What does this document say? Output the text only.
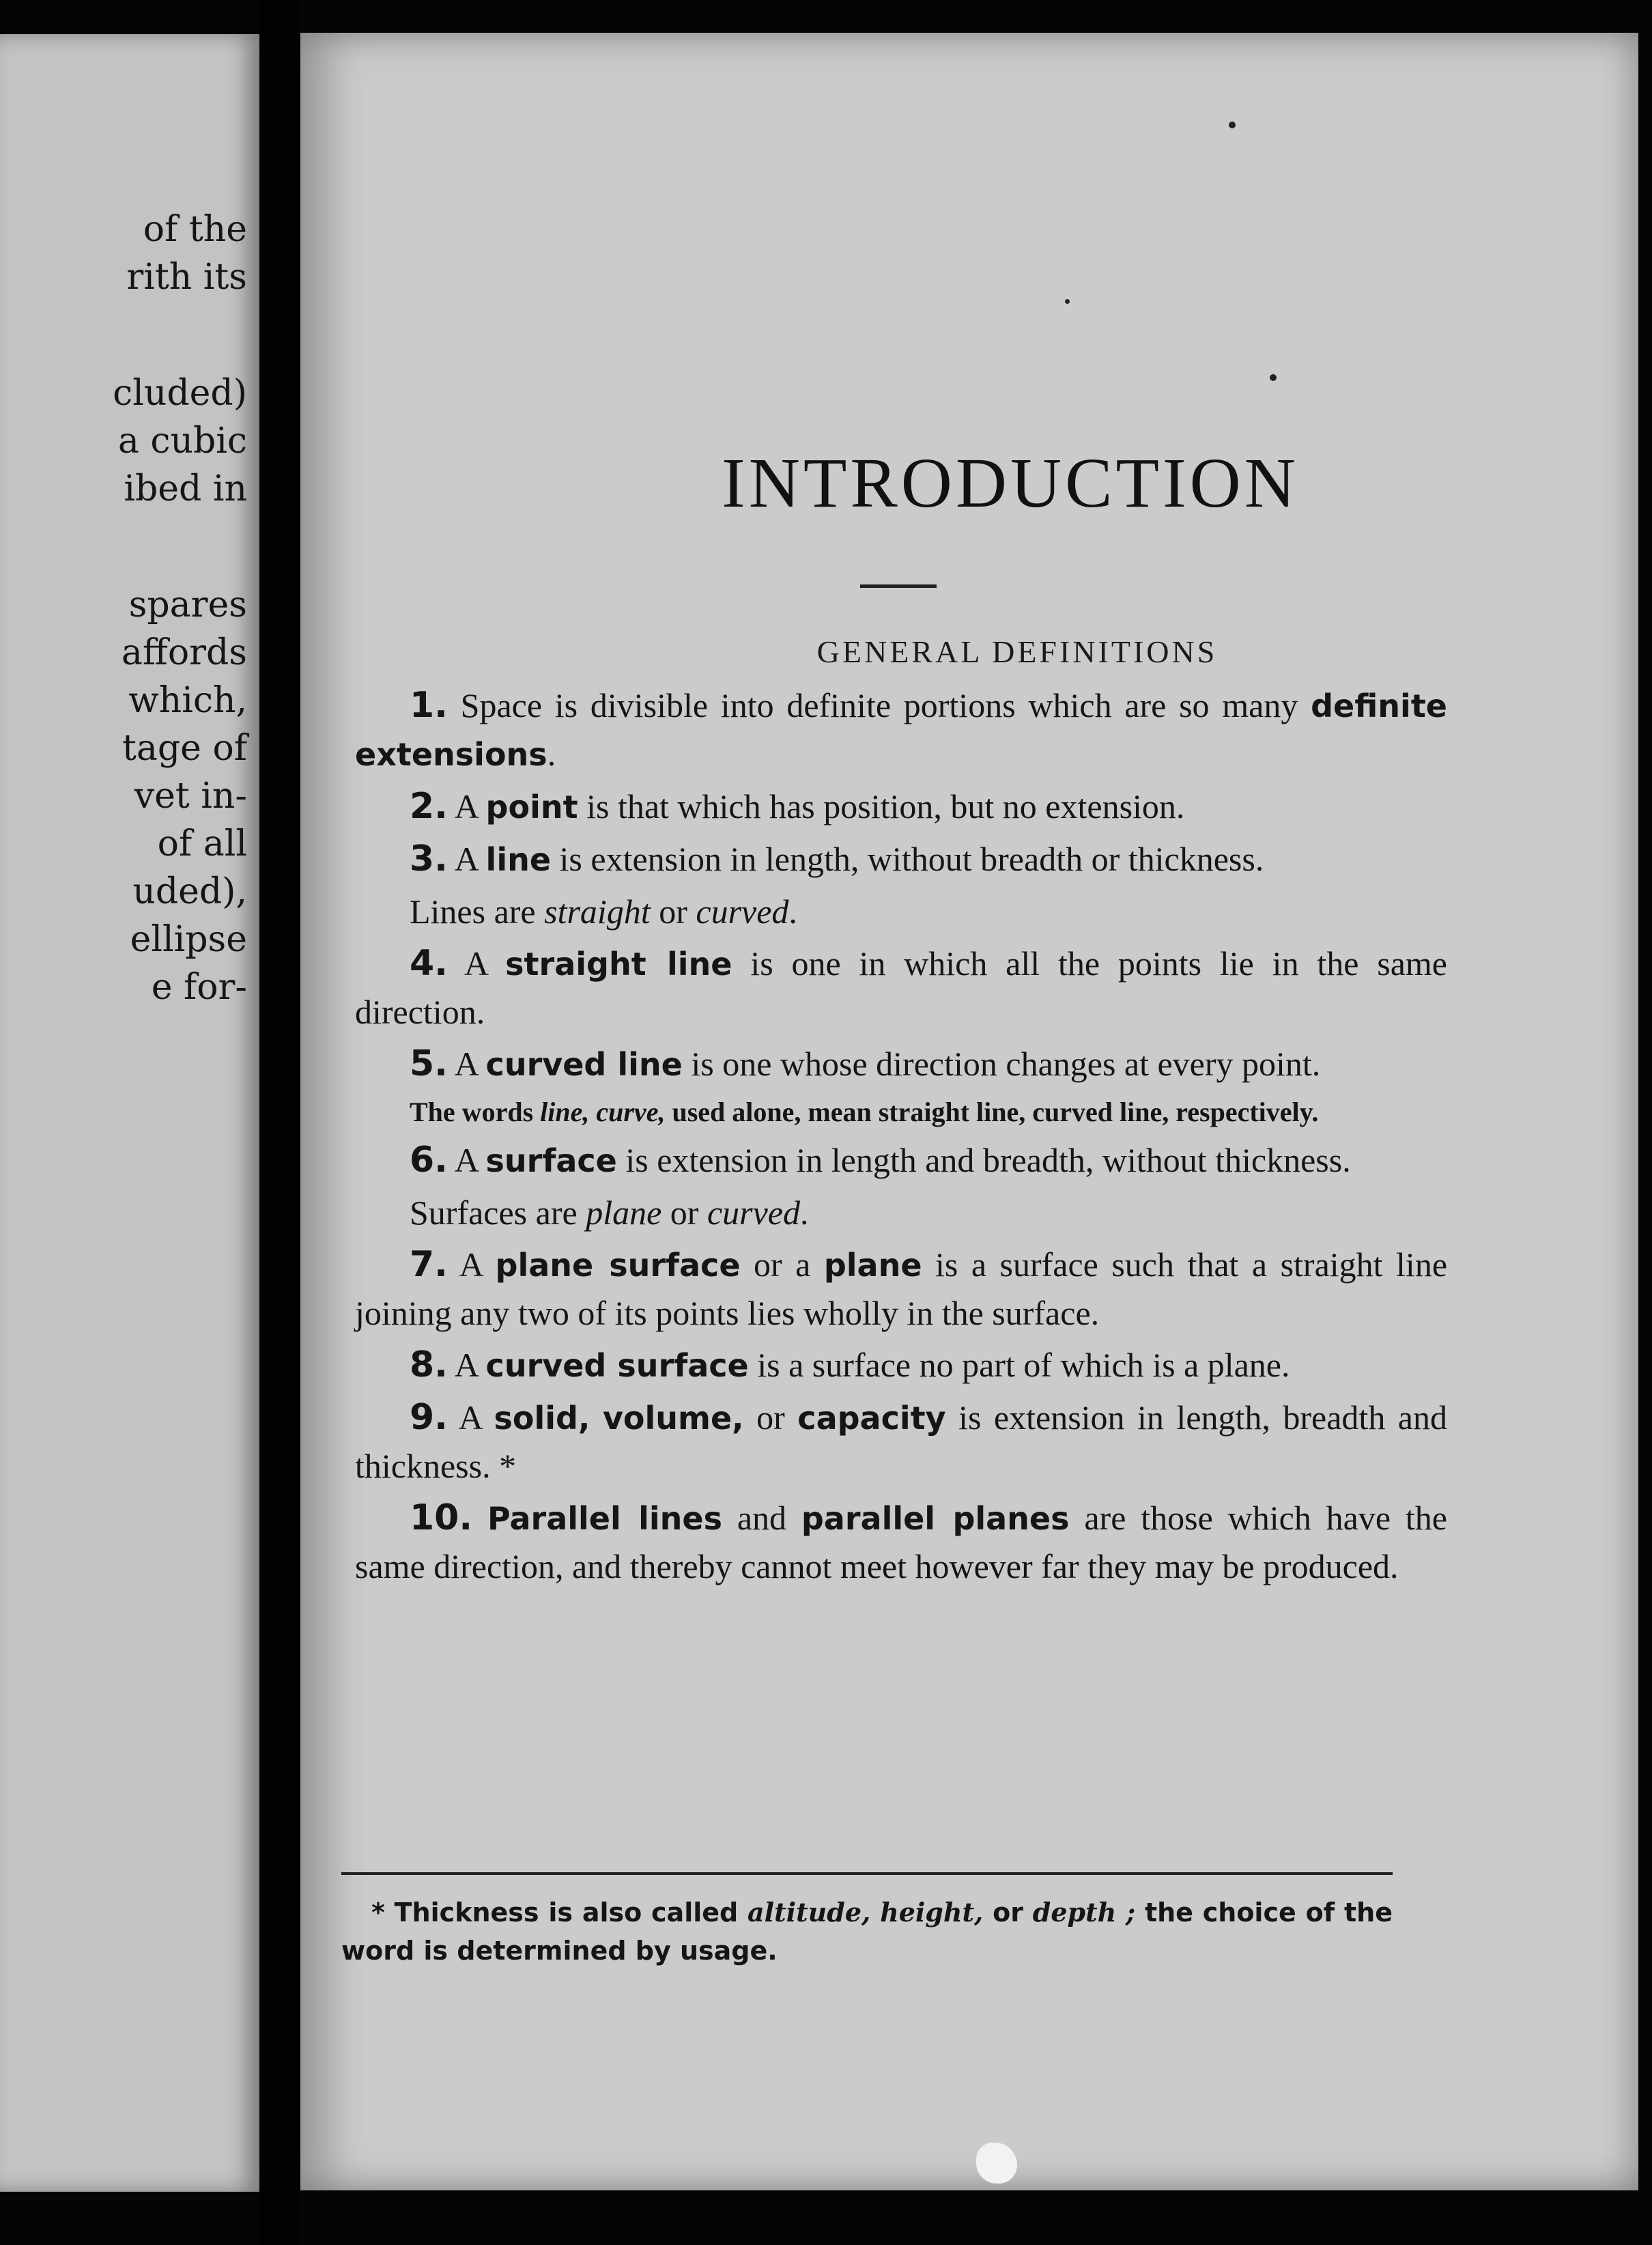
of the
rith its
cluded)
a cubic
ibed in
spares
affords
which,
tage of
vet in-
of all
uded),
ellipse
e for-
INTRODUCTION
GENERAL DEFINITIONS

1. Space is divisible into definite portions which are so many definite extensions.

2. A point is that which has position, but no extension.

3. A line is extension in length, without breadth or thickness.

Lines are straight or curved.

4. A straight line is one in which all the points lie in the same direction.

5. A curved line is one whose direction changes at every point.

The words line, curve, used alone, mean straight line, curved line, respectively.

6. A surface is extension in length and breadth, without thickness.

Surfaces are plane or curved.

7. A plane surface or a plane is a surface such that a straight line joining any two of its points lies wholly in the surface.

8. A curved surface is a surface no part of which is a plane.

9. A solid, volume, or capacity is extension in length, breadth and thickness. *

10. Parallel lines and parallel planes are those which have the same direction, and thereby cannot meet however far they may be produced.

* Thickness is also called altitude, height, or depth ; the choice of the word is determined by usage.
